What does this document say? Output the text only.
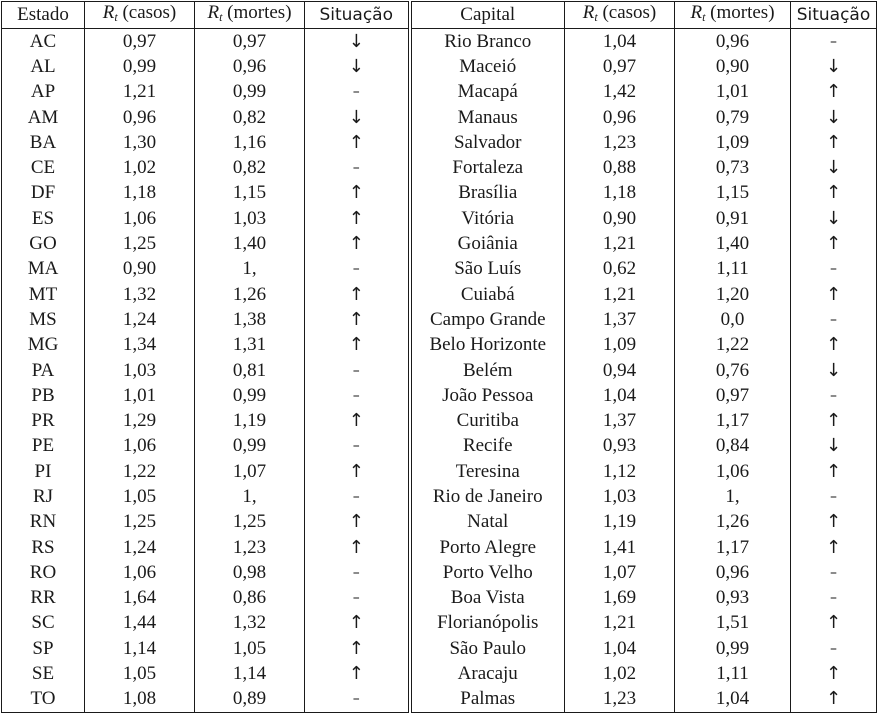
Estado	$R_t$ (casos)	$R_t$ (mortes)	Situação	Capital	$R_t$ (casos)	$R_t$ (mortes)	Situação
AC	0,97	0,97	↓	Rio Branco	1,04	0,96	–
AL	0,99	0,96	↓	Maceió	0,97	0,90	↓
AP	1,21	0,99	–	Macapá	1,42	1,01	↑
AM	0,96	0,82	↓	Manaus	0,96	0,79	↓
BA	1,30	1,16	↑	Salvador	1,23	1,09	↑
CE	1,02	0,82	–	Fortaleza	0,88	0,73	↓
DF	1,18	1,15	↑	Brasília	1,18	1,15	↑
ES	1,06	1,03	↑	Vitória	0,90	0,91	↓
GO	1,25	1,40	↑	Goiânia	1,21	1,40	↑
MA	0,90	1,	–	São Luís	0,62	1,11	–
MT	1,32	1,26	↑	Cuiabá	1,21	1,20	↑
MS	1,24	1,38	↑	Campo Grande	1,37	0,0	–
MG	1,34	1,31	↑	Belo Horizonte	1,09	1,22	↑
PA	1,03	0,81	–	Belém	0,94	0,76	↓
PB	1,01	0,99	–	João Pessoa	1,04	0,97	–
PR	1,29	1,19	↑	Curitiba	1,37	1,17	↑
PE	1,06	0,99	–	Recife	0,93	0,84	↓
PI	1,22	1,07	↑	Teresina	1,12	1,06	↑
RJ	1,05	1,	–	Rio de Janeiro	1,03	1,	–
RN	1,25	1,25	↑	Natal	1,19	1,26	↑
RS	1,24	1,23	↑	Porto Alegre	1,41	1,17	↑
RO	1,06	0,98	–	Porto Velho	1,07	0,96	–
RR	1,64	0,86	–	Boa Vista	1,69	0,93	–
SC	1,44	1,32	↑	Florianópolis	1,21	1,51	↑
SP	1,14	1,05	↑	São Paulo	1,04	0,99	–
SE	1,05	1,14	↑	Aracaju	1,02	1,11	↑
TO	1,08	0,89	–	Palmas	1,23	1,04	↑
